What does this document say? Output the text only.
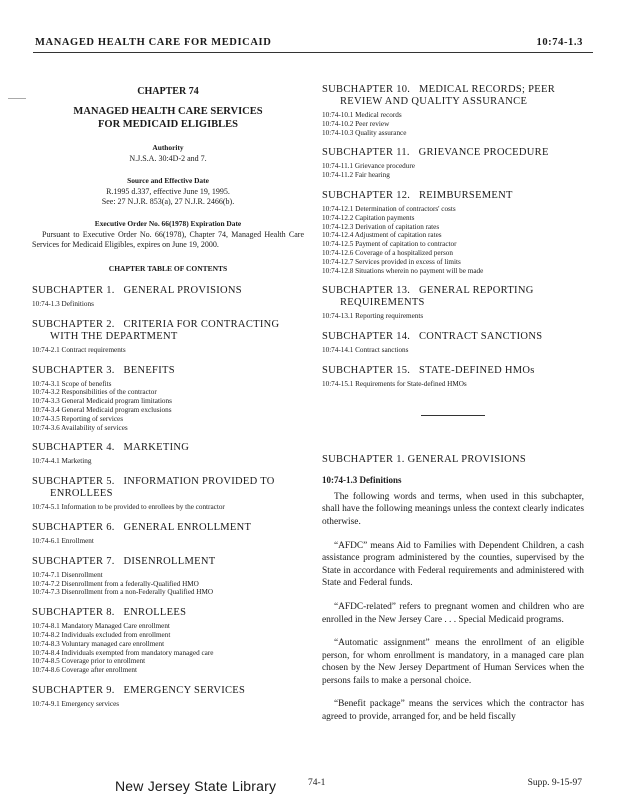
MANAGED HEALTH CARE FOR MEDICAID	10:74-1.3
CHAPTER 74
MANAGED HEALTH CARE SERVICES
FOR MEDICAID ELIGIBLES
Authority
N.J.S.A. 30:4D-2 and 7.
Source and Effective Date
R.1995 d.337, effective June 19, 1995.
See: 27 N.J.R. 853(a), 27 N.J.R. 2466(b).
Executive Order No. 66(1978) Expiration Date
Pursuant to Executive Order No. 66(1978), Chapter 74, Managed Health Care Services for Medicaid Eligibles, expires on June 19, 2000.
CHAPTER TABLE OF CONTENTS
SUBCHAPTER 1.   GENERAL PROVISIONS
10:74-1.3 Definitions
SUBCHAPTER 2.   CRITERIA FOR CONTRACTING
WITH THE DEPARTMENT
10:74-2.1 Contract requirements
SUBCHAPTER 3.   BENEFITS
10:74-3.1 Scope of benefits
10:74-3.2 Responsibilities of the contractor
10:74-3.3 General Medicaid program limitations
10:74-3.4 General Medicaid program exclusions
10:74-3.5 Reporting of services
10:74-3.6 Availability of services
SUBCHAPTER 4.   MARKETING
10:74-4.1 Marketing
SUBCHAPTER 5.   INFORMATION PROVIDED TO
ENROLLEES
10:74-5.1 Information to be provided to enrollees by the contractor
SUBCHAPTER 6.   GENERAL ENROLLMENT
10:74-6.1 Enrollment
SUBCHAPTER 7.   DISENROLLMENT
10:74-7.1 Disenrollment
10:74-7.2 Disenrollment from a federally-Qualified HMO
10:74-7.3 Disenrollment from a non-Federally Qualified HMO
SUBCHAPTER 8.   ENROLLEES
10:74-8.1 Mandatory Managed Care enrollment
10:74-8.2 Individuals excluded from enrollment
10:74-8.3 Voluntary managed care enrollment
10:74-8.4 Individuals exempted from mandatory managed care
10:74-8.5 Coverage prior to enrollment
10:74-8.6 Coverage after enrollment
SUBCHAPTER 9.   EMERGENCY SERVICES
10:74-9.1 Emergency services
SUBCHAPTER 10.   MEDICAL RECORDS; PEER
REVIEW AND QUALITY ASSURANCE
10:74-10.1 Medical records
10:74-10.2 Peer review
10:74-10.3 Quality assurance
SUBCHAPTER 11.   GRIEVANCE PROCEDURE
10:74-11.1 Grievance procedure
10:74-11.2 Fair hearing
SUBCHAPTER 12.   REIMBURSEMENT
10:74-12.1 Determination of contractors' costs
10:74-12.2 Capitation payments
10:74-12.3 Derivation of capitation rates
10:74-12.4 Adjustment of capitation rates
10:74-12.5 Payment of capitation to contractor
10:74-12.6 Coverage of a hospitalized person
10:74-12.7 Services provided in excess of limits
10:74-12.8 Situations wherein no payment will be made
SUBCHAPTER 13.   GENERAL REPORTING
REQUIREMENTS
10:74-13.1 Reporting requirements
SUBCHAPTER 14.   CONTRACT SANCTIONS
10:74-14.1 Contract sanctions
SUBCHAPTER 15.   STATE-DEFINED HMOs
10:74-15.1 Requirements for State-defined HMOs
SUBCHAPTER 1. GENERAL PROVISIONS
10:74-1.3 Definitions

The following words and terms, when used in this subchapter, shall have the following meanings unless the context clearly indicates otherwise.

“AFDC” means Aid to Families with Dependent Children, a cash assistance program administered by the counties, supervised by the State in accordance with Federal requirements and administered with State and Federal funds.

“AFDC-related” refers to pregnant women and children who are enrolled in the New Jersey Care . . . Special Medicaid programs.

“Automatic assignment” means the enrollment of an eligible person, for whom enrollment is mandatory, in a managed care plan chosen by the New Jersey Department of Human Services when the persons fails to make a personal choice.

“Benefit package” means the services which the contractor has agreed to provide, arranged for, and be held fiscally

New Jersey State Library	74-1	Supp. 9-15-97
